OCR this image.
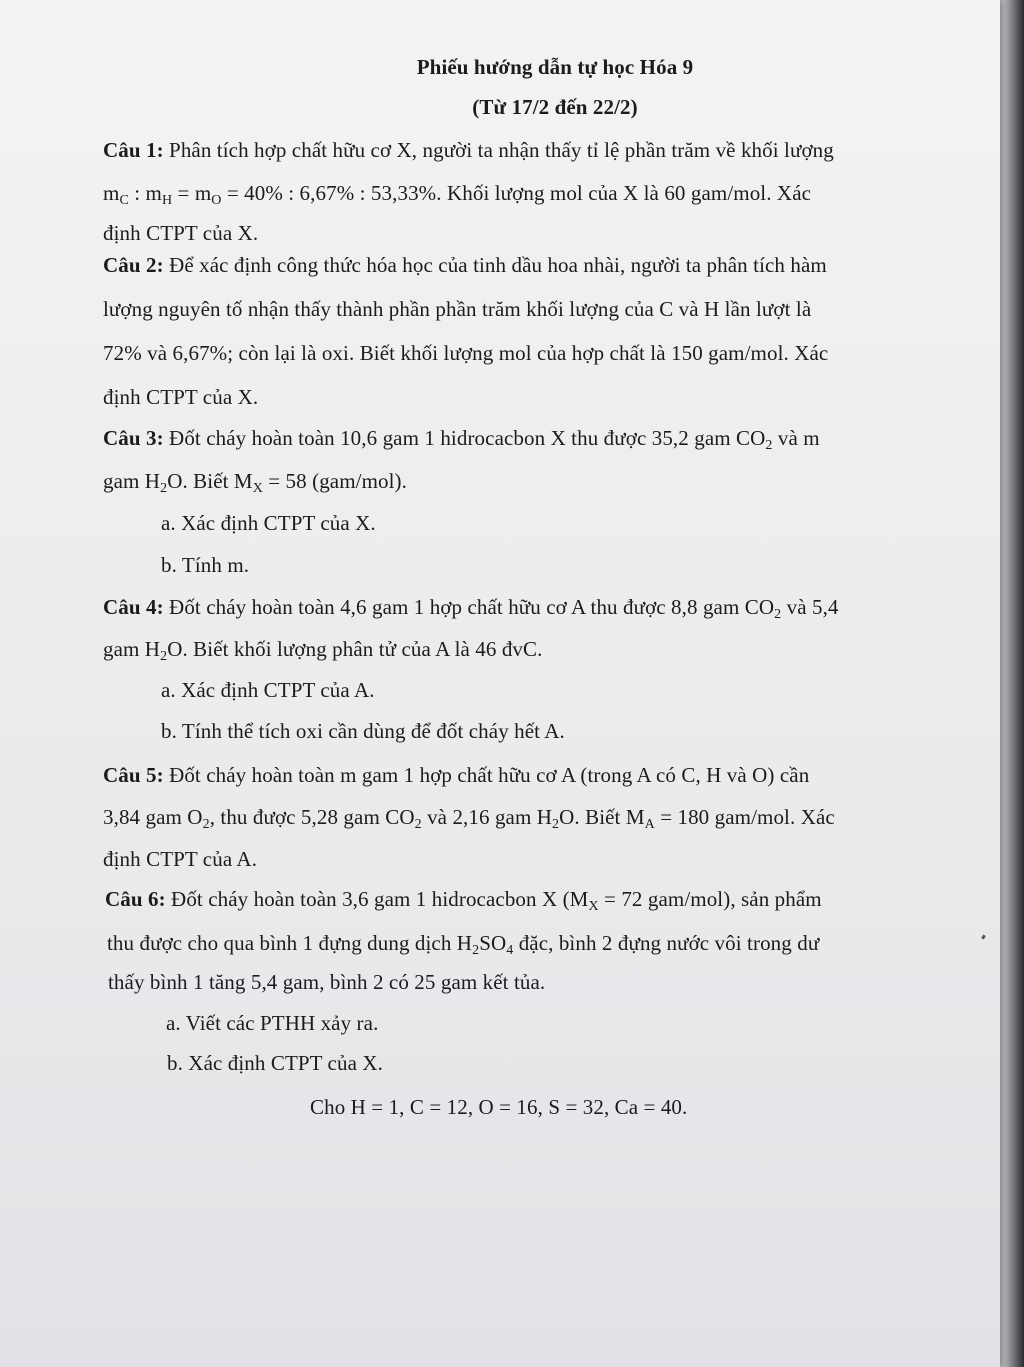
Phiếu hướng dẫn tự học Hóa 9
(Từ 17/2 đến 22/2)
Câu 1: Phân tích hợp chất hữu cơ X, người ta nhận thấy tỉ lệ phần trăm về khối lượng
$m_C$ : $m_H = m_O = 40\%$ : 6,67% : 53,33%. Khối lượng mol của X là 60 gam/mol. Xác
định CTPT của X.
Câu 2: Để xác định công thức hóa học của tinh dầu hoa nhài, người ta phân tích hàm
lượng nguyên tố nhận thấy thành phần phần trăm khối lượng của C và H lần lượt là
72% và 6,67%; còn lại là oxi. Biết khối lượng mol của hợp chất là 150 gam/mol. Xác
định CTPT của X.
Câu 3: Đốt cháy hoàn toàn 10,6 gam 1 hidrocacbon X thu được 35,2 gam $CO_2$ và m
gam $H_2O$. Biết $M_X = 58$ (gam/mol).
a. Xác định CTPT của X.
b. Tính m.
Câu 4: Đốt cháy hoàn toàn 4,6 gam 1 hợp chất hữu cơ A thu được 8,8 gam $CO_2$ và 5,4
gam $H_2O$. Biết khối lượng phân tử của A là 46 đvC.
a. Xác định CTPT của A.
b. Tính thể tích oxi cần dùng để đốt cháy hết A.
Câu 5: Đốt cháy hoàn toàn m gam 1 hợp chất hữu cơ A (trong A có C, H và O) cần
3,84 gam $O_2$, thu được 5,28 gam $CO_2$ và 2,16 gam $H_2O$. Biết $M_A = 180$ gam/mol. Xác
định CTPT của A.
Câu 6: Đốt cháy hoàn toàn 3,6 gam 1 hidrocacbon X ($M_X = 72$ gam/mol), sản phẩm
thu được cho qua bình 1 đựng dung dịch $H_2SO_4$ đặc, bình 2 đựng nước vôi trong dư
thấy bình 1 tăng 5,4 gam, bình 2 có 25 gam kết tủa.
a. Viết các PTHH xảy ra.
b. Xác định CTPT của X.
Cho H = 1, C = 12, O = 16, S = 32, Ca = 40.
